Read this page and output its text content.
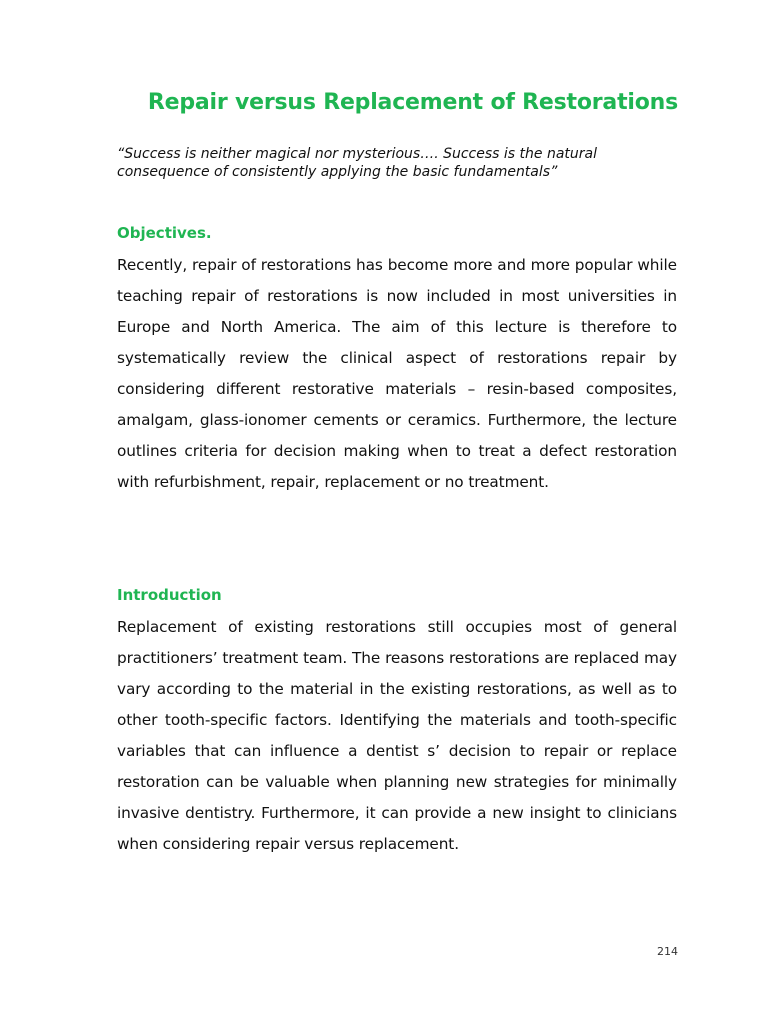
Repair versus Replacement of Restorations
“Success is neither magical nor mysterious…. Success is the natural consequence of consistently applying the basic fundamentals”
Objectives.
Recently, repair of restorations has become more and more popular while teaching repair of restorations is now included in most universities in Europe and North America. The aim of this lecture is therefore to systematically review the clinical aspect of restorations repair by considering different restorative materials – resin-based composites, amalgam, glass-ionomer cements or ceramics. Furthermore, the lecture outlines criteria for decision making when to treat a defect restoration with refurbishment, repair, replacement or no treatment.
Introduction
Replacement of existing restorations still occupies most of general practitioners’ treatment team. The reasons restorations are replaced may vary according to the material in the existing restorations, as well as to other tooth-specific factors. Identifying the materials and tooth-specific variables that can influence a dentist s’ decision to repair or replace restoration can be valuable when planning new strategies for minimally invasive dentistry. Furthermore, it can provide a new insight to clinicians when considering repair versus replacement.
214
